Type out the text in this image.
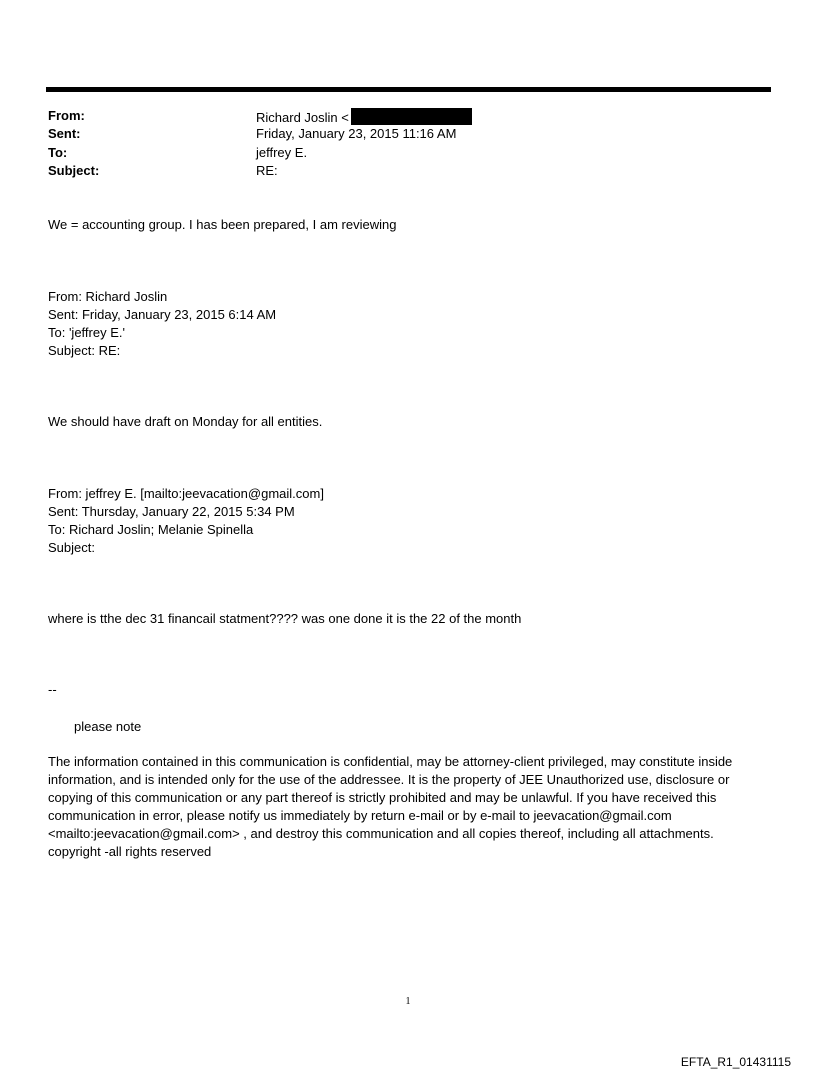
From:	Richard Joslin <
Sent:	Friday, January 23, 2015 11:16 AM
To:	jeffrey E.
Subject:	RE:
We = accounting group. I has been prepared, I am reviewing
From: Richard Joslin
Sent: Friday, January 23, 2015 6:14 AM
To: 'jeffrey E.'
Subject: RE:
We should have draft on Monday for all entities.
From: jeffrey E. [mailto:jeevacation@gmail.com]
Sent: Thursday, January 22, 2015 5:34 PM
To: Richard Joslin; Melanie Spinella
Subject:
where is tthe dec 31 financail statment???? was one done it is the 22 of the month
--
please note
The information contained in this communication is confidential, may be attorney-client privileged, may constitute inside information, and is intended only for the use of the addressee. It is the property of JEE Unauthorized use, disclosure or copying of this communication or any part thereof is strictly prohibited and may be unlawful. If you have received this communication in error, please notify us immediately by return e-mail or by e-mail to jeevacation@gmail.com <mailto:jeevacation@gmail.com> , and destroy this communication and all copies thereof, including all attachments. copyright -all rights reserved
1
EFTA_R1_01431115
